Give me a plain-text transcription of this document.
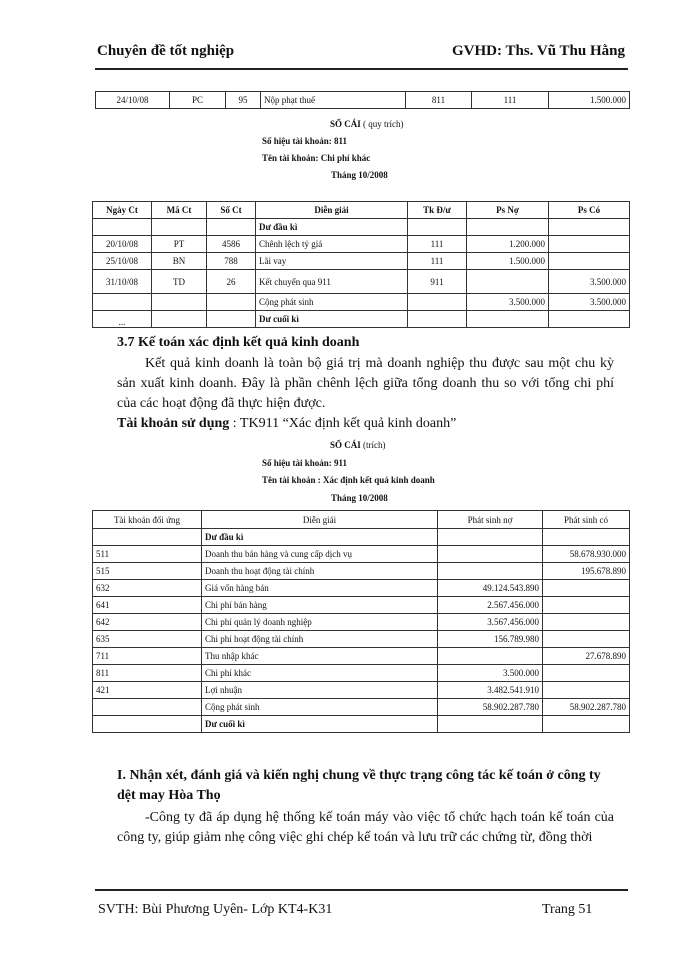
Chuyên đề tốt nghiệp	GVHD: Ths. Vũ Thu Hằng
24/10/08	PC	95	Nộp phạt thuế	811	111	1.500.000
SỔ CÁI ( quy trích)
Số hiệu tài khoản: 811
Tên tài khoản: Chi phí khác
Tháng 10/2008
Ngày Ct	Mã Ct	Số Ct	Diễn giải	Tk Đ/ư	Ps Nợ	Ps Có
			Dư đầu kì			
20/10/08	PT	4586	Chênh lệch tỷ giá	111	1.200.000	
25/10/08	BN	788	Lãi vay	111	1.500.000	
31/10/08	TD	26	Kết chuyển qua 911	911		3.500.000
			Cộng phát sinh		3.500.000	3.500.000
...			Dư cuối kì			
3.7 Kế toán xác định kết quả kinh doanh
Kết quả kinh doanh là toàn bộ giá trị mà doanh nghiệp thu được sau một chu kỳ sản xuất kinh doanh. Đây là phần chênh lệch giữa tổng doanh thu so với tổng chi phí của các hoạt động đã thực hiện được.
Tài khoản sử dụng : TK911 “Xác định kết quả kinh doanh”
SỔ CÁI (trích)
Số hiệu tài khoản: 911
Tên tài khoản : Xác định kết quả kinh doanh
Tháng 10/2008
Tài khoản đối ứng	Diễn giải	Phát sinh nợ	Phát sinh có
	Dư đầu kì		
511	Doanh thu bán hàng và cung cấp dịch vụ		58.678.930.000
515	Doanh thu hoạt động tài chính		195.678.890
632	Giá vốn hàng bán	49.124.543.890	
641	Chi phí bán hàng	2.567.456.000	
642	Chi phí quản lý doanh nghiệp	3.567.456.000	
635	Chi phí hoạt động tài chính	156.789.980	
711	Thu nhập khác		27.678.890
811	Chi phí khác	3.500.000	
421	Lợi nhuận	3.482.541.910	
	Cộng phát sinh	58.902.287.780	58.902.287.780
	Dư cuối kì		
I. Nhận xét, đánh giá và kiến nghị chung về thực trạng công tác kế toán ở công ty dệt may Hòa Thọ
-Công ty đã áp dụng hệ thống kế toán máy vào việc tổ chức hạch toán kế toán của công ty, giúp giảm nhẹ công việc ghi chép kế toán và lưu trữ các chứng từ, đồng thời
SVTH: Bùi Phương Uyên- Lớp KT4-K31	Trang 51
